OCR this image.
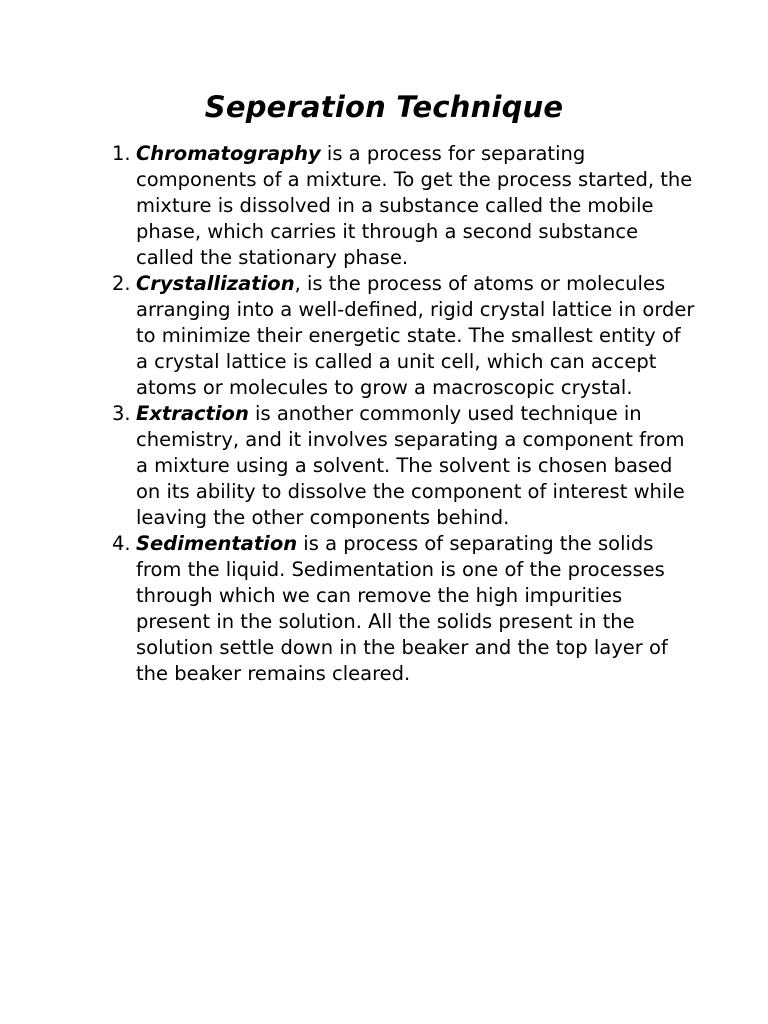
Seperation Technique
1. Chromatography is a process for separating components of a mixture. To get the process started, the mixture is dissolved in a substance called the mobile phase, which carries it through a second substance called the stationary phase.
2. Crystallization, is the process of atoms or molecules arranging into a well-defined, rigid crystal lattice in order to minimize their energetic state. The smallest entity of a crystal lattice is called a unit cell, which can accept atoms or molecules to grow a macroscopic crystal.
3. Extraction is another commonly used technique in chemistry, and it involves separating a component from a mixture using a solvent. The solvent is chosen based on its ability to dissolve the component of interest while leaving the other components behind.
4. Sedimentation is a process of separating the solids from the liquid. Sedimentation is one of the processes through which we can remove the high impurities present in the solution. All the solids present in the solution settle down in the beaker and the top layer of the beaker remains cleared.
